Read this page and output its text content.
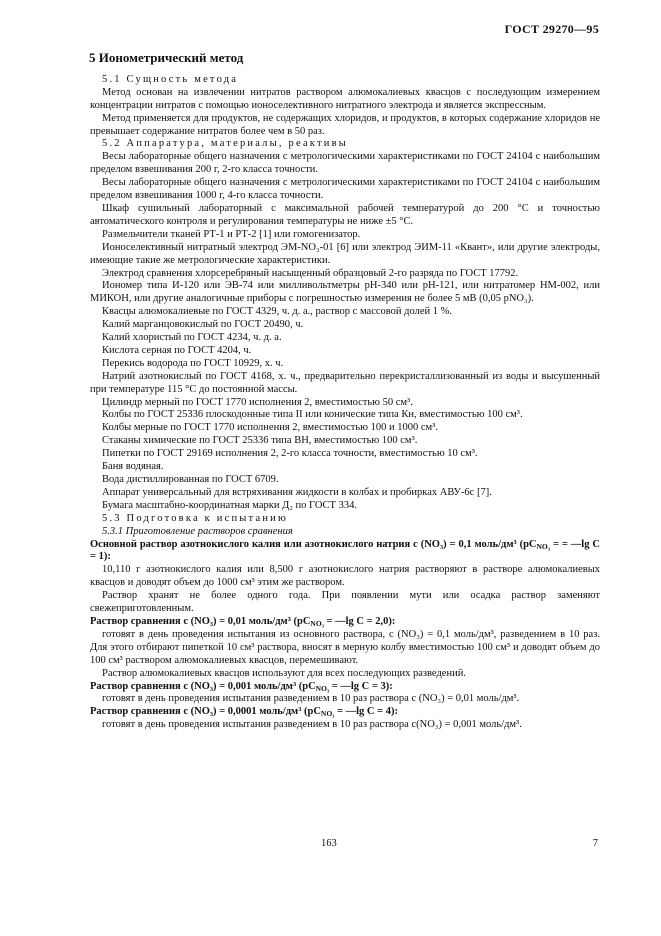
ГОСТ 29270—95
5 Ионометрический метод
5.1 Сущность метода
Метод основан на извлечении нитратов раствором алюмокалиевых квасцов с последующим измерением концентрации нитратов с помощью ионоселективного нитратного электрода и является экспрессным.
Метод применяется для продуктов, не содержащих хлоридов, и продуктов, в которых содержание хлоридов не превышает содержание нитратов более чем в 50 раз.
5.2 Аппаратура, материалы, реактивы
Весы лабораторные общего назначения с метрологическими характеристиками по ГОСТ 24104 с наибольшим пределом взвешивания 200 г, 2-го класса точности.
Весы лабораторные общего назначения с метрологическими характеристиками по ГОСТ 24104 с наибольшим пределом взвешивания 1000 г, 4-го класса точности.
Шкаф сушильный лабораторный с максимальной рабочей температурой до 200 °С и точностью автоматического контроля и регулирования температуры не ниже ±5 °С.
Размельчители тканей РТ-1 и РТ-2 [1] или гомогенизатор.
Ионоселективный нитратный электрод ЭМ-NO₃-01 [6] или электрод ЭИМ-11 «Квант», или другие электроды, имеющие такие же метрологические характеристики.
Электрод сравнения хлорсеребряный насыщенный образцовый 2-го разряда по ГОСТ 17792.
Иономер типа И-120 или ЭВ-74 или милливольтметры рН-340 или рН-121, или нитратомер НМ-002, или МИКОН, или другие аналогичные приборы с погрешностью измерения не более 5 мВ (0,05 pNO₃).
Квасцы алюмокалиевые по ГОСТ 4329, ч. д. а., раствор с массовой долей 1 %.
Калий марганцовокислый по ГОСТ 20490, ч.
Калий хлористый по ГОСТ 4234, ч. д. а.
Кислота серная по ГОСТ 4204, ч.
Перекись водорода по ГОСТ 10929, х. ч.
Натрий азотнокислый по ГОСТ 4168, х. ч., предварительно перекристаллизованный из воды и высушенный при температуре 115 °С до постоянной массы.
Цилиндр мерный по ГОСТ 1770 исполнения 2, вместимостью 50 см³.
Колбы по ГОСТ 25336 плоскодонные типа II или конические типа Кн, вместимостью 100 см³.
Колбы мерные по ГОСТ 1770 исполнения 2, вместимостью 100 и 1000 см³.
Стаканы химические по ГОСТ 25336 типа ВН, вместимостью 100 см³.
Пипетки по ГОСТ 29169 исполнения 2, 2-го класса точности, вместимостью 10 см³.
Баня водяная.
Вода дистиллированная по ГОСТ 6709.
Аппарат универсальный для встряхивания жидкости в колбах и пробирках АВУ-6с [7].
Бумага масштабно-координатная марки Д₂ по ГОСТ 334.
5.3 Подготовка к испытанию
5.3.1 Приготовление растворов сравнения
Основной раствор азотнокислого калия или азотнокислого натрия c (NO₃) = 0,1 моль/дм³ ($pC_{NO_3}$ = = —lg C = 1):
10,110 г азотнокислого калия или 8,500 г азотнокислого натрия растворяют в растворе алюмокалиевых квасцов и доводят объем до 1000 см³ этим же раствором.
Раствор хранят не более одного года. При появлении мути или осадка раствор заменяют свежеприготовленным.
Раствор сравнения c (NO₃) = 0,01 моль/дм³ ($pC_{NO_3}$ = —lg C = 2,0):
готовят в день проведения испытания из основного раствора, c (NO₃) = 0,1 моль/дм³, разведением в 10 раз. Для этого отбирают пипеткой 10 см³ раствора, вносят в мерную колбу вместимостью 100 см³ и доводят объем до 100 см³ раствором алюмокалиевых квасцов, перемешивают.
Раствор алюмокалиевых квасцов используют для всех последующих разведений.
Раствор сравнения c (NO₃) = 0,001 моль/дм³ ($pC_{NO_3}$ = —lg C = 3):
готовят в день проведения испытания разведением в 10 раз раствора c (NO₃) = 0,01 моль/дм³.
Раствор сравнения c (NO₃) = 0,0001 моль/дм³ ($pC_{NO_3}$ = —lg C = 4):
готовят в день проведения испытания разведением в 10 раз раствора c(NO₃) = 0,001 моль/дм³.
163	7
